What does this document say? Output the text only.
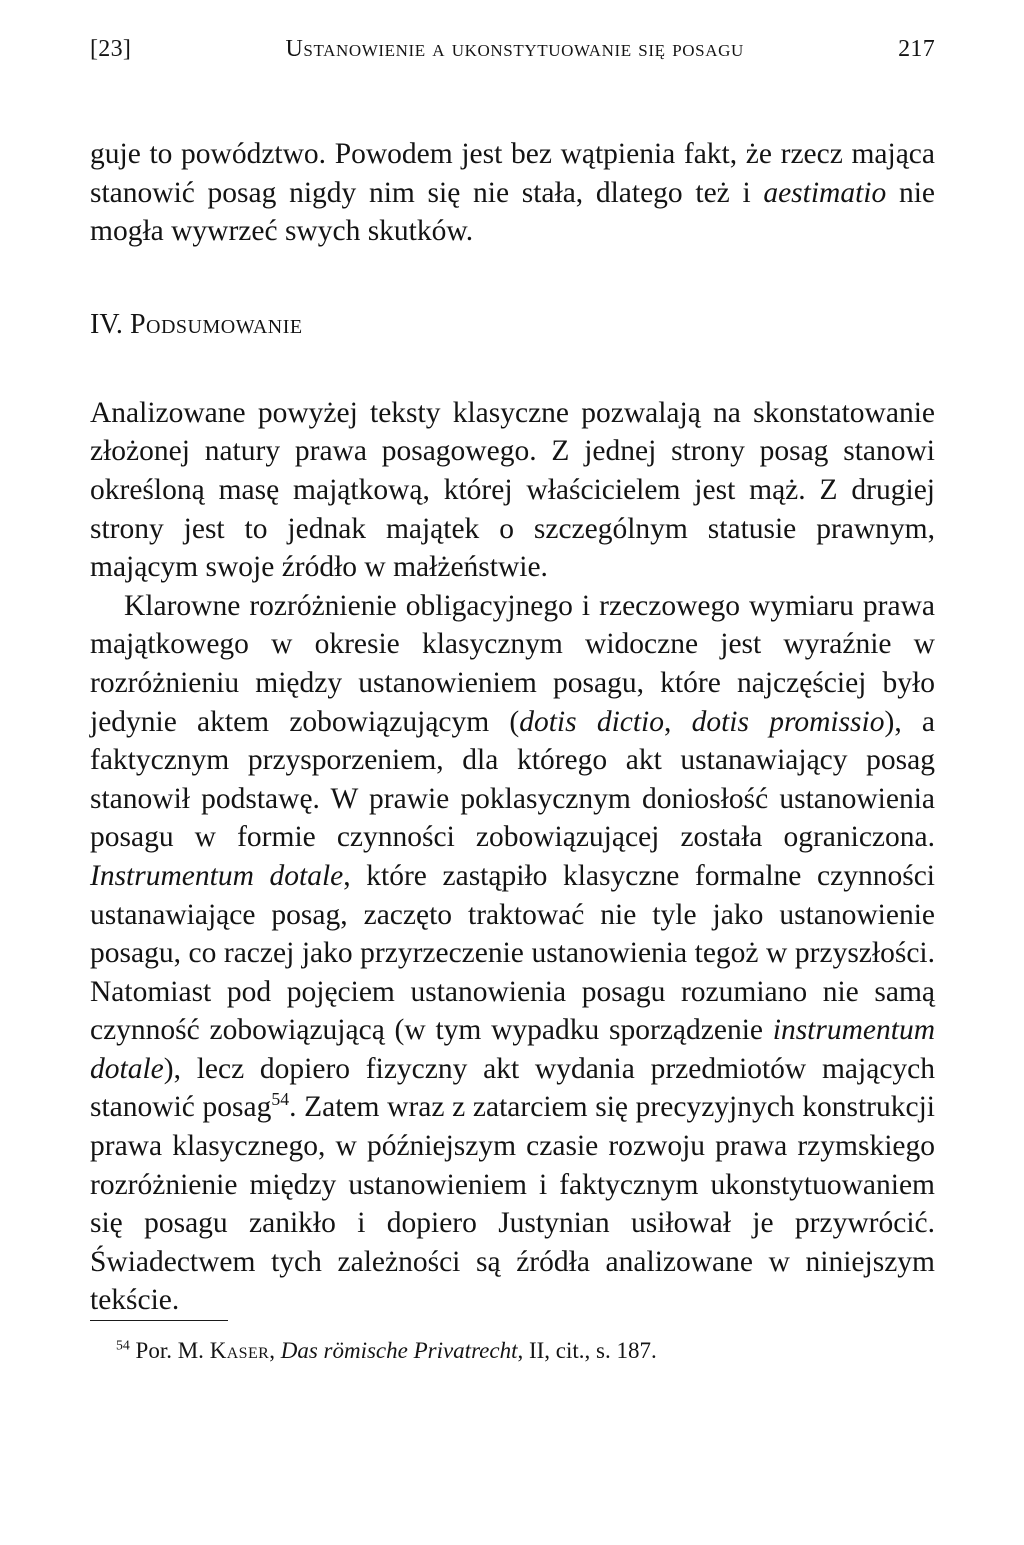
[23]	Ustanowienie a ukonstytuowanie się posagu	217

guje to powództwo. Powodem jest bez wątpienia fakt, że rzecz mająca stanowić posag nigdy nim się nie stała, dlatego też i aestimatio nie mogła wywrzeć swych skutków.

IV. Podsumowanie

Analizowane powyżej teksty klasyczne pozwalają na skonstatowanie złożonej natury prawa posagowego. Z jednej strony posag stanowi określoną masę majątkową, której właścicielem jest mąż. Z drugiej strony jest to jednak majątek o szczególnym statusie prawnym, mającym swoje źródło w małżeństwie.

Klarowne rozróżnienie obligacyjnego i rzeczowego wymiaru prawa majątkowego w okresie klasycznym widoczne jest wyraźnie w rozróżnieniu między ustanowieniem posagu, które najczęściej było jedynie aktem zobowiązującym (dotis dictio, dotis promissio), a faktycznym przysporzeniem, dla którego akt ustanawiający posag stanowił podstawę. W prawie poklasycznym doniosłość ustanowienia posagu w formie czynności zobowiązującej została ograniczona. Instrumentum dotale, które zastąpiło klasyczne formalne czynności ustanawiające posag, zaczęto traktować nie tyle jako ustanowienie posagu, co raczej jako przyrzeczenie ustanowienia tegoż w przyszłości. Natomiast pod pojęciem ustanowienia posagu rozumiano nie samą czynność zobowiązującą (w tym wypadku sporządzenie instrumentum dotale), lecz dopiero fizyczny akt wydania przedmiotów mających stanowić posag$^{54}$. Zatem wraz z zatarciem się precyzyjnych konstrukcji prawa klasycznego, w późniejszym czasie rozwoju prawa rzymskiego rozróżnienie między ustanowieniem i faktycznym ukonstytuowaniem się posagu zanikło i dopiero Justynian usiłował je przywrócić. Świadectwem tych zależności są źródła analizowane w niniejszym tekście.

$^{54}$ Por. M. Kaser, Das römische Privatrecht, II, cit., s. 187.
